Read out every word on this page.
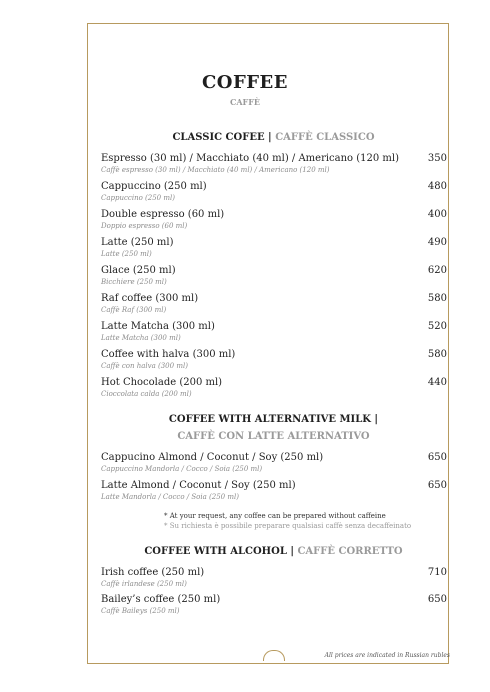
COFFEE
CAFFÈ
CLASSIC COFEE | CAFFÈ CLASSICO
Espresso (30 ml) / Macchiato (40 ml) / Americano (120 ml)
Caffè espresso (30 ml) / Macchiato (40 ml) / Americano (120 ml)
350
Cappuccino (250 ml)
Cappuccino (250 ml)
480
Double espresso (60 ml)
Doppio espresso (60 ml)
400
Latte (250 ml)
Latte (250 ml)
490
Glace (250 ml)
Bicchiere (250 ml)
620
Raf coffee (300 ml)
Caffè Raf (300 ml)
580
Latte Matcha (300 ml)
Latte Matcha (300 ml)
520
Coffee with halva (300 ml)
Caffè con halva (300 ml)
580
Hot Chocolade (200 ml)
Cioccolata calda (200 ml)
440
COFFEE WITH ALTERNATIVE MILK |
CAFFÈ CON LATTE ALTERNATIVO
Cappucino Almond / Coconut / Soy (250 ml)
Cappuccino Mandorla / Cocco / Soia (250 ml)
650
Latte Almond / Coconut / Soy (250 ml)
Latte Mandorla / Cocco / Soia (250 ml)
650
* At your request, any coffee can be prepared without caffeine
* Su richiesta è possibile preparare qualsiasi caffè senza decaffeinato
COFFEE WITH ALCOHOL | CAFFÈ CORRETTO
Irish coffee (250 ml)
Caffè irlandese (250 ml)
710
Bailey’s coffee (250 ml)
Caffè Baileys (250 ml)
650
All prices are indicated in Russian rubles
